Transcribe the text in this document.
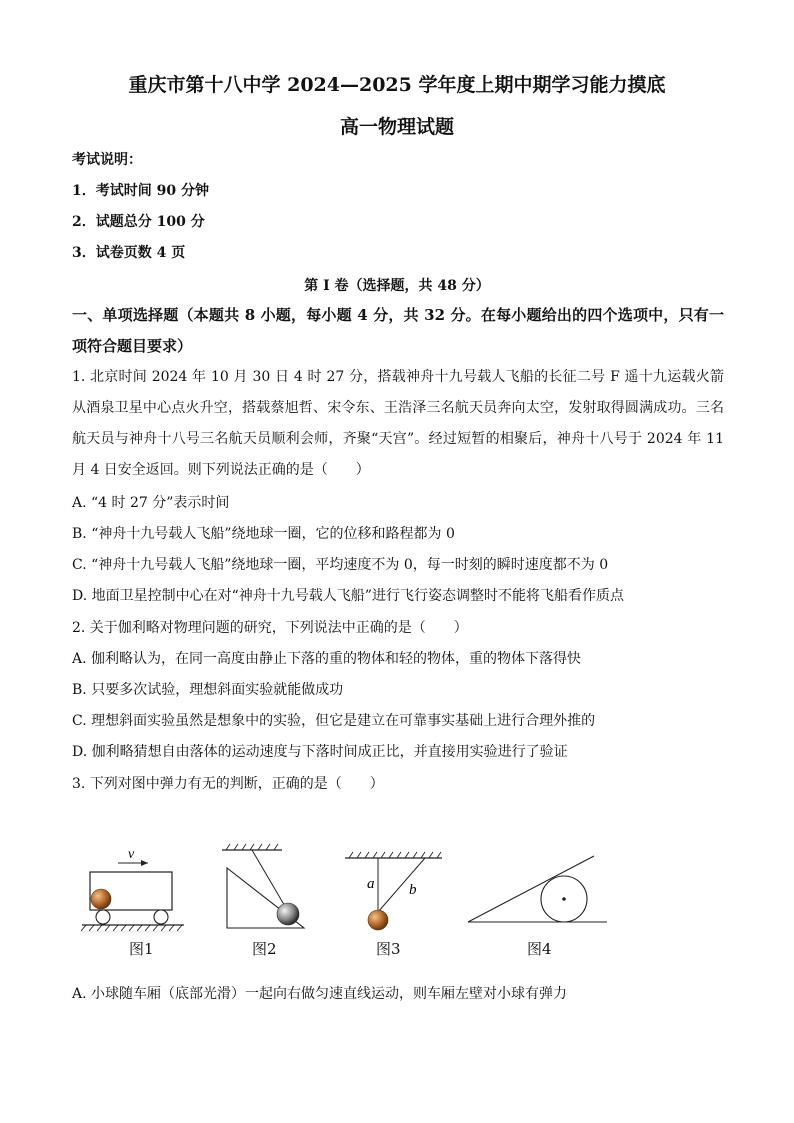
重庆市第十八中学 2024—2025 学年度上期中期学习能力摸底
高一物理试题
考试说明：
1．考试时间 90 分钟
2．试题总分 100 分
3．试卷页数 4 页
第 I 卷（选择题，共 48 分）
一、单项选择题（本题共 8 小题，每小题 4 分，共 32 分。在每小题给出的四个选项中，只有一项符合题目要求）
1. 北京时间 2024 年 10 月 30 日 4 时 27 分，搭载神舟十九号载人飞船的长征二号 F 遥十九运载火箭从酒泉卫星中心点火升空，搭载蔡旭哲、宋令东、王浩泽三名航天员奔向太空，发射取得圆满成功。三名航天员与神舟十八号三名航天员顺利会师，齐聚“天宫”。经过短暂的相聚后，神舟十八号于 2024 年 11 月 4 日安全返回。则下列说法正确的是（　　）
A. “4 时 27 分”表示时间
B. “神舟十九号载人飞船”绕地球一圈，它的位移和路程都为 0
C. “神舟十九号载人飞船”绕地球一圈，平均速度不为 0，每一时刻的瞬时速度都不为 0
D. 地面卫星控制中心在对“神舟十九号载人飞船”进行飞行姿态调整时不能将飞船看作质点
2. 关于伽利略对物理问题的研究，下列说法中正确的是（　　）
A. 伽利略认为，在同一高度由静止下落的重的物体和轻的物体，重的物体下落得快
B. 只要多次试验，理想斜面实验就能做成功
C. 理想斜面实验虽然是想象中的实验，但它是建立在可靠事实基础上进行合理外推的
D. 伽利略猜想自由落体的运动速度与下落时间成正比，并直接用实验进行了验证
3. 下列对图中弹力有无的判断，正确的是（　　）
v
a b
图1	图2	图3	图4
A. 小球随车厢（底部光滑）一起向右做匀速直线运动，则车厢左壁对小球有弹力
